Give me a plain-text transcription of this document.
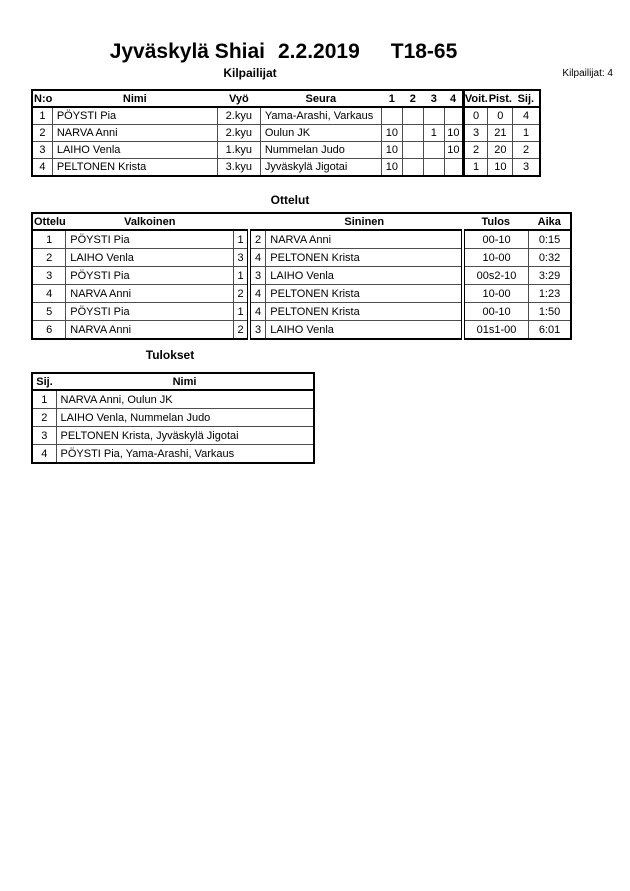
Jyväskylä Shiai 2.2.2019 T18-65
Kilpailijat	Kilpailijat: 4
N:o	Nimi	Vyö	Seura	1	2	3	4	Voit.	Pist.	Sij.
1	PÖYSTI Pia	2.kyu	Yama-Arashi, Varkaus					0	0	4
2	NARVA Anni	2.kyu	Oulun JK	10		1	10	3	21	1
3	LAIHO Venla	1.kyu	Nummelan Judo	10			10	2	20	2
4	PELTONEN Krista	3.kyu	Jyväskylä Jigotai	10				1	10	3
Ottelut
Ottelu	Valkoinen			Sininen	Tulos	Aika
1	PÖYSTI Pia	1	2	NARVA Anni	00-10	0:15
2	LAIHO Venla	3	4	PELTONEN Krista	10-00	0:32
3	PÖYSTI Pia	1	3	LAIHO Venla	00s2-10	3:29
4	NARVA Anni	2	4	PELTONEN Krista	10-00	1:23
5	PÖYSTI Pia	1	4	PELTONEN Krista	00-10	1:50
6	NARVA Anni	2	3	LAIHO Venla	01s1-00	6:01
Tulokset
Sij.	Nimi
1	NARVA Anni, Oulun JK
2	LAIHO Venla, Nummelan Judo
3	PELTONEN Krista, Jyväskylä Jigotai
4	PÖYSTI Pia, Yama-Arashi, Varkaus
